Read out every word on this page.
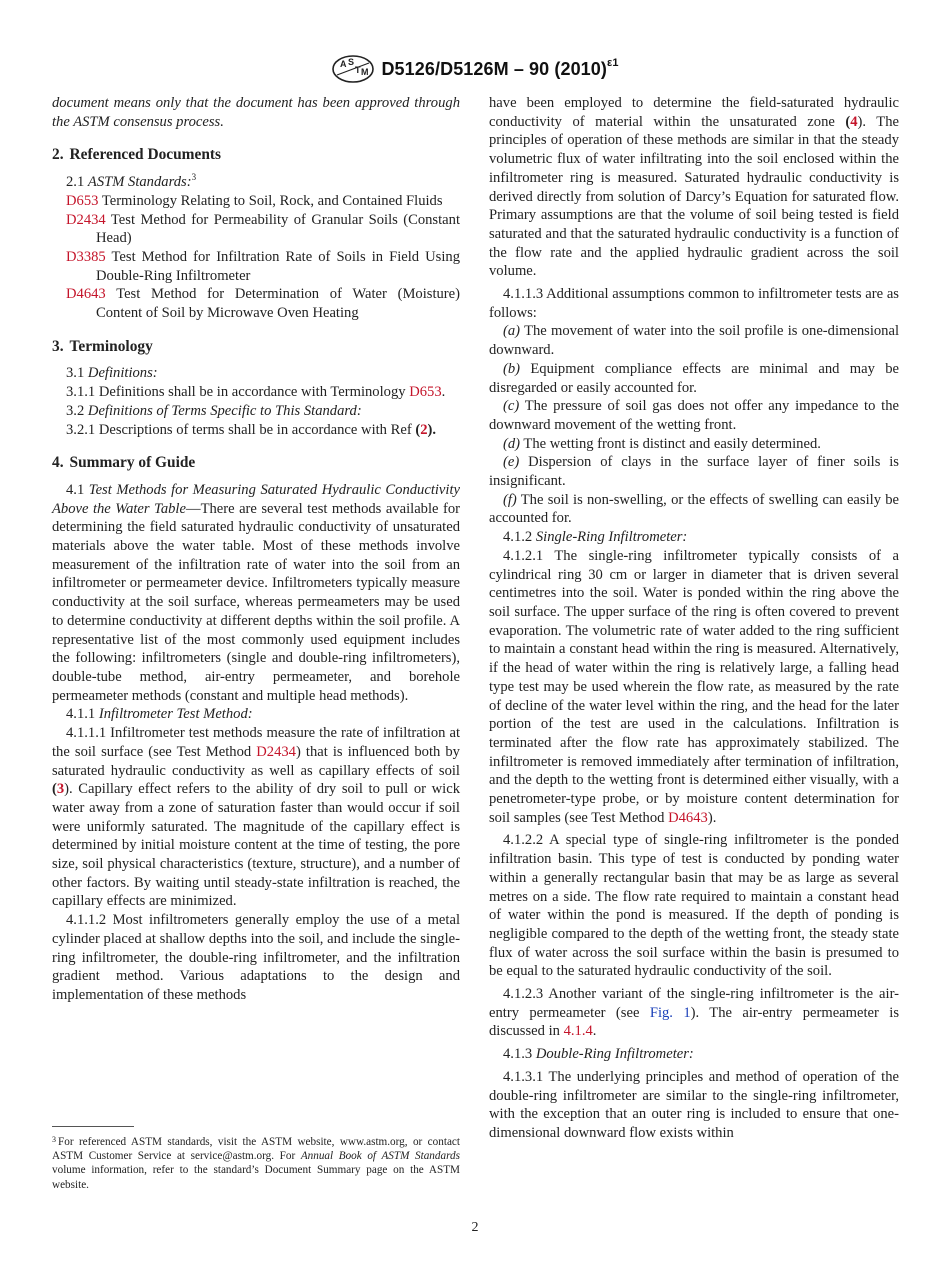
A S
T M D5126/D5126M – 90 $(2010)^{\varepsilon 1}$

document means only that the document has been approved through the ASTM consensus process.

2. Referenced Documents

2.1 ASTM Standards:$^3$

D653 Terminology Relating to Soil, Rock, and Contained Fluids

D2434 Test Method for Permeability of Granular Soils (Constant Head)

D3385 Test Method for Infiltration Rate of Soils in Field Using Double-Ring Infiltrometer

D4643 Test Method for Determination of Water (Moisture) Content of Soil by Microwave Oven Heating

3. Terminology

3.1 Definitions:

3.1.1 Definitions shall be in accordance with Terminology D653.

3.2 Definitions of Terms Specific to This Standard:

3.2.1 Descriptions of terms shall be in accordance with Ref (2).

4. Summary of Guide

4.1 Test Methods for Measuring Saturated Hydraulic Conductivity Above the Water Table—There are several test methods available for determining the field saturated hydraulic conductivity of unsaturated materials above the water table. Most of these methods involve measurement of the infiltration rate of water into the soil from an infiltrometer or permeameter device. Infiltrometers typically measure conductivity at the soil surface, whereas permeameters may be used to determine conductivity at different depths within the soil profile. A representative list of the most commonly used equipment includes the following: infiltrometers (single and double-ring infiltrometers), double-tube method, air-entry permeameter, and borehole permeameter methods (constant and multiple head methods).

4.1.1 Infiltrometer Test Method:

4.1.1.1 Infiltrometer test methods measure the rate of infiltration at the soil surface (see Test Method D2434) that is influenced both by saturated hydraulic conductivity as well as capillary effects of soil (3). Capillary effect refers to the ability of dry soil to pull or wick water away from a zone of saturation faster than would occur if soil were uniformly saturated. The magnitude of the capillary effect is determined by initial moisture content at the time of testing, the pore size, soil physical characteristics (texture, structure), and a number of other factors. By waiting until steady-state infiltration is reached, the capillary effects are minimized.

4.1.1.2 Most infiltrometers generally employ the use of a metal cylinder placed at shallow depths into the soil, and include the single-ring infiltrometer, the double-ring infiltrometer, and the infiltration gradient method. Various adaptations to the design and implementation of these methods

$^3$ For referenced ASTM standards, visit the ASTM website, www.astm.org, or contact ASTM Customer Service at service@astm.org. For Annual Book of ASTM Standards volume information, refer to the standard’s Document Summary page on the ASTM website.

have been employed to determine the field-saturated hydraulic conductivity of material within the unsaturated zone (4). The principles of operation of these methods are similar in that the steady volumetric flux of water infiltrating into the soil enclosed within the infiltrometer ring is measured. Saturated hydraulic conductivity is derived directly from solution of Darcy’s Equation for saturated flow. Primary assumptions are that the volume of soil being tested is field saturated and that the saturated hydraulic conductivity is a function of the flow rate and the applied hydraulic gradient across the soil volume.

4.1.1.3 Additional assumptions common to infiltrometer tests are as follows:

(a) The movement of water into the soil profile is one-dimensional downward.

(b) Equipment compliance effects are minimal and may be disregarded or easily accounted for.

(c) The pressure of soil gas does not offer any impedance to the downward movement of the wetting front.

(d) The wetting front is distinct and easily determined.

(e) Dispersion of clays in the surface layer of finer soils is insignificant.

(f) The soil is non-swelling, or the effects of swelling can easily be accounted for.

4.1.2 Single-Ring Infiltrometer:

4.1.2.1 The single-ring infiltrometer typically consists of a cylindrical ring 30 cm or larger in diameter that is driven several centimetres into the soil. Water is ponded within the ring above the soil surface. The upper surface of the ring is often covered to prevent evaporation. The volumetric rate of water added to the ring sufficient to maintain a constant head within the ring is measured. Alternatively, if the head of water within the ring is relatively large, a falling head type test may be used wherein the flow rate, as measured by the rate of decline of the water level within the ring, and the head for the later portion of the test are used in the calculations. Infiltration is terminated after the flow rate has approximately stabilized. The infiltrometer is removed immediately after termination of infiltration, and the depth to the wetting front is determined either visually, with a penetrometer-type probe, or by moisture content determination for soil samples (see Test Method D4643).

4.1.2.2 A special type of single-ring infiltrometer is the ponded infiltration basin. This type of test is conducted by ponding water within a generally rectangular basin that may be as large as several metres on a side. The flow rate required to maintain a constant head of water within the pond is measured. If the depth of ponding is negligible compared to the depth of the wetting front, the steady state flux of water across the soil surface within the basin is presumed to be equal to the saturated hydraulic conductivity of the soil.

4.1.2.3 Another variant of the single-ring infiltrometer is the air-entry permeameter (see Fig. 1). The air-entry permeameter is discussed in 4.1.4.

4.1.3 Double-Ring Infiltrometer:

4.1.3.1 The underlying principles and method of operation of the double-ring infiltrometer are similar to the single-ring infiltrometer, with the exception that an outer ring is included to ensure that one-dimensional downward flow exists within

2
